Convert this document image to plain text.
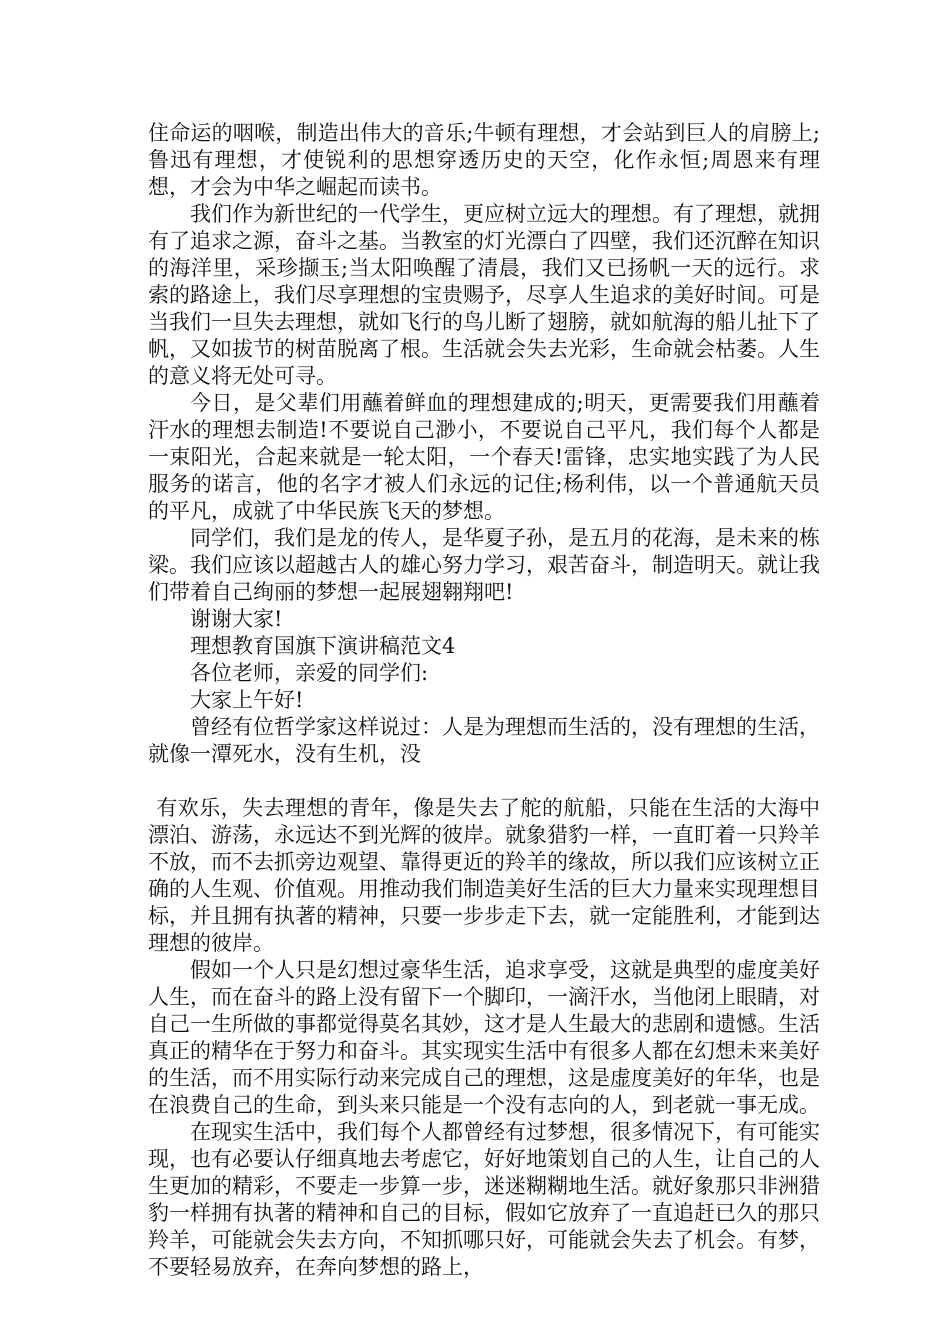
住命运的咽喉，制造出伟大的音乐;牛顿有理想，才会站到巨人的肩膀上;鲁迅有理想，才使锐利的思想穿透历史的天空，化作永恒;周恩来有理想，才会为中华之崛起而读书。

我们作为新世纪的一代学生，更应树立远大的理想。有了理想，就拥有了追求之源，奋斗之基。当教室的灯光漂白了四壁，我们还沉醉在知识的海洋里，采珍撷玉;当太阳唤醒了清晨，我们又已扬帆一天的远行。求索的路途上，我们尽享理想的宝贵赐予，尽享人生追求的美好时间。可是当我们一旦失去理想，就如飞行的鸟儿断了翅膀，就如航海的船儿扯下了帆，又如拔节的树苗脱离了根。生活就会失去光彩，生命就会枯萎。人生的意义将无处可寻。

今日，是父辈们用蘸着鲜血的理想建成的;明天，更需要我们用蘸着汗水的理想去制造!不要说自己渺小，不要说自己平凡，我们每个人都是一束阳光，合起来就是一轮太阳，一个春天!雷锋，忠实地实践了为人民服务的诺言，他的名字才被人们永远的记住;杨利伟，以一个普通航天员的平凡，成就了中华民族飞天的梦想。

同学们，我们是龙的传人，是华夏子孙，是五月的花海，是未来的栋梁。我们应该以超越古人的雄心努力学习，艰苦奋斗，制造明天。就让我们带着自己绚丽的梦想一起展翅翱翔吧!

谢谢大家!

理想教育国旗下演讲稿范文4

各位老师，亲爱的同学们:

大家上午好!

曾经有位哲学家这样说过：人是为理想而生活的，没有理想的生活，就像一潭死水，没有生机，没

有欢乐，失去理想的青年，像是失去了舵的航船，只能在生活的大海中漂泊、游荡，永远达不到光辉的彼岸。就象猎豹一样，一直盯着一只羚羊不放，而不去抓旁边观望、靠得更近的羚羊的缘故，所以我们应该树立正确的人生观、价值观。用推动我们制造美好生活的巨大力量来实现理想目标，并且拥有执著的精神，只要一步步走下去，就一定能胜利，才能到达理想的彼岸。

假如一个人只是幻想过豪华生活，追求享受，这就是典型的虚度美好人生，而在奋斗的路上没有留下一个脚印，一滴汗水，当他闭上眼睛，对自己一生所做的事都觉得莫名其妙，这才是人生最大的悲剧和遗憾。生活真正的精华在于努力和奋斗。其实现实生活中有很多人都在幻想未来美好的生活，而不用实际行动来完成自己的理想，这是虚度美好的年华，也是在浪费自己的生命，到头来只能是一个没有志向的人，到老就一事无成。

在现实生活中，我们每个人都曾经有过梦想，很多情况下，有可能实现，也有必要认仔细真地去考虑它，好好地策划自己的人生，让自己的人生更加的精彩，不要走一步算一步，迷迷糊糊地生活。就好象那只非洲猎豹一样拥有执著的精神和自己的目标，假如它放弃了一直追赶已久的那只羚羊，可能就会失去方向，不知抓哪只好，可能就会失去了机会。有梦，不要轻易放弃，在奔向梦想的路上，
